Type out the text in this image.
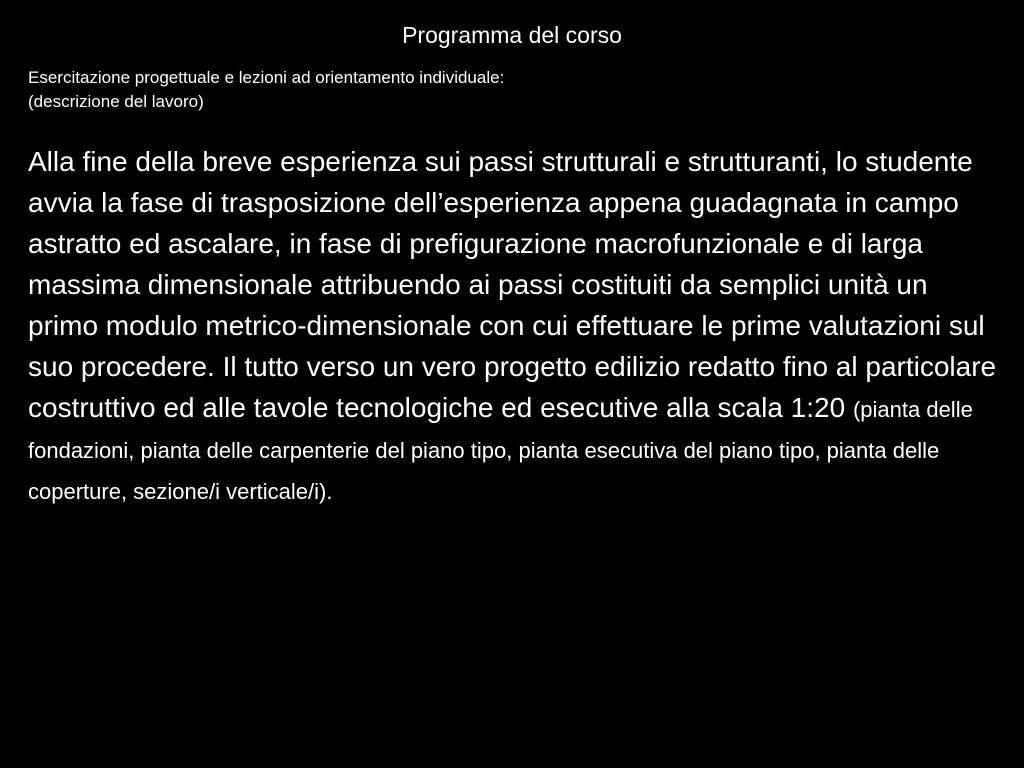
Programma del corso
Esercitazione progettuale e lezioni ad orientamento individuale:
(descrizione del lavoro)

Alla fine della breve esperienza sui passi strutturali e strutturanti, lo studente avvia la fase di trasposizione dell’esperienza appena guadagnata in campo astratto ed ascalare, in fase di prefigurazione macrofunzionale e di larga massima dimensionale attribuendo ai passi costituiti da semplici unità un primo modulo metrico-dimensionale con cui effettuare le prime valutazioni sul suo procedere. Il tutto verso un vero progetto edilizio redatto fino al particolare costruttivo ed alle tavole tecnologiche ed esecutive alla scala 1:20 (pianta delle fondazioni, pianta delle carpenterie del piano tipo, pianta esecutiva del piano tipo, pianta delle coperture, sezione/i verticale/i).
